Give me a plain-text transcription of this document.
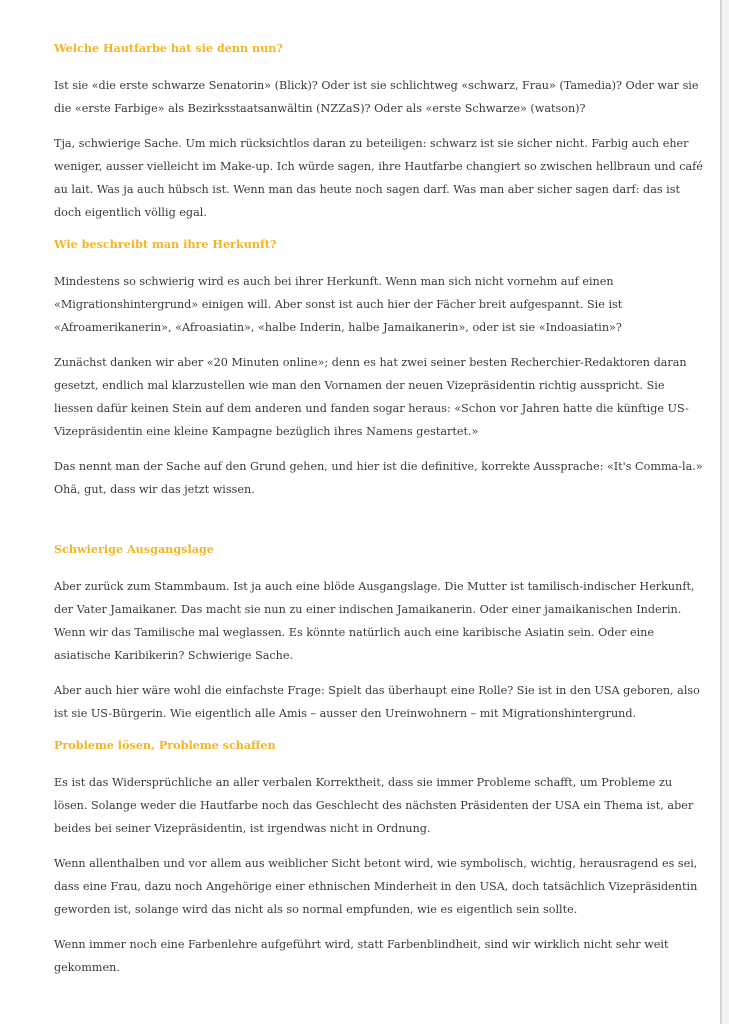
Welche Hautfarbe hat sie denn nun?

Ist sie «die erste schwarze Senatorin» (Blick)? Oder ist sie schlichtweg «schwarz, Frau» (Tamedia)? Oder war sie die «erste Farbige» als Bezirksstaatsanwältin (NZZaS)? Oder als «erste Schwarze» (watson)?

Tja, schwierige Sache. Um mich rücksichtlos daran zu beteiligen: schwarz ist sie sicher nicht. Farbig auch eher weniger, ausser vielleicht im Make-up. Ich würde sagen, ihre Hautfarbe changiert so zwischen hellbraun und café au lait. Was ja auch hübsch ist. Wenn man das heute noch sagen darf. Was man aber sicher sagen darf: das ist doch eigentlich völlig egal.

Wie beschreibt man ihre Herkunft?

Mindestens so schwierig wird es auch bei ihrer Herkunft. Wenn man sich nicht vornehm auf einen «Migrationshintergrund» einigen will. Aber sonst ist auch hier der Fächer breit aufgespannt. Sie ist «Afroamerikanerin», «Afroasiatin», «halbe Inderin, halbe Jamaikanerin», oder ist sie «Indoasiatin»?

Zunächst danken wir aber «20 Minuten online»; denn es hat zwei seiner besten Recherchier-Redaktoren daran gesetzt, endlich mal klarzustellen wie man den Vornamen der neuen Vizepräsidentin richtig ausspricht. Sie liessen dafür keinen Stein auf dem anderen und fanden sogar heraus: «Schon vor Jahren hatte die künftige US-Vizepräsidentin eine kleine Kampagne bezüglich ihres Namens gestartet.»

Das nennt man der Sache auf den Grund gehen, und hier ist die definitive, korrekte Aussprache: «It's Comma-la.» Ohä, gut, dass wir das jetzt wissen.

Schwierige Ausgangslage

Aber zurück zum Stammbaum. Ist ja auch eine blöde Ausgangslage. Die Mutter ist tamilisch-indischer Herkunft, der Vater Jamaikaner. Das macht sie nun zu einer indischen Jamaikanerin. Oder einer jamaikanischen Inderin. Wenn wir das Tamilische mal weglassen. Es könnte natürlich auch eine karibische Asiatin sein. Oder eine asiatische Karibikerin? Schwierige Sache.

Aber auch hier wäre wohl die einfachste Frage: Spielt das überhaupt eine Rolle? Sie ist in den USA geboren, also ist sie US-Bürgerin. Wie eigentlich alle Amis – ausser den Ureinwohnern – mit Migrationshintergrund.

Probleme lösen, Probleme schaffen

Es ist das Widersprüchliche an aller verbalen Korrektheit, dass sie immer Probleme schafft, um Probleme zu lösen. Solange weder die Hautfarbe noch das Geschlecht des nächsten Präsidenten der USA ein Thema ist, aber beides bei seiner Vizepräsidentin, ist irgendwas nicht in Ordnung.

Wenn allenthalben und vor allem aus weiblicher Sicht betont wird, wie symbolisch, wichtig, herausragend es sei, dass eine Frau, dazu noch Angehörige einer ethnischen Minderheit in den USA, doch tatsächlich Vizepräsidentin geworden ist, solange wird das nicht als so normal empfunden, wie es eigentlich sein sollte.

Wenn immer noch eine Farbenlehre aufgeführt wird, statt Farbenblindheit, sind wir wirklich nicht sehr weit gekommen.
